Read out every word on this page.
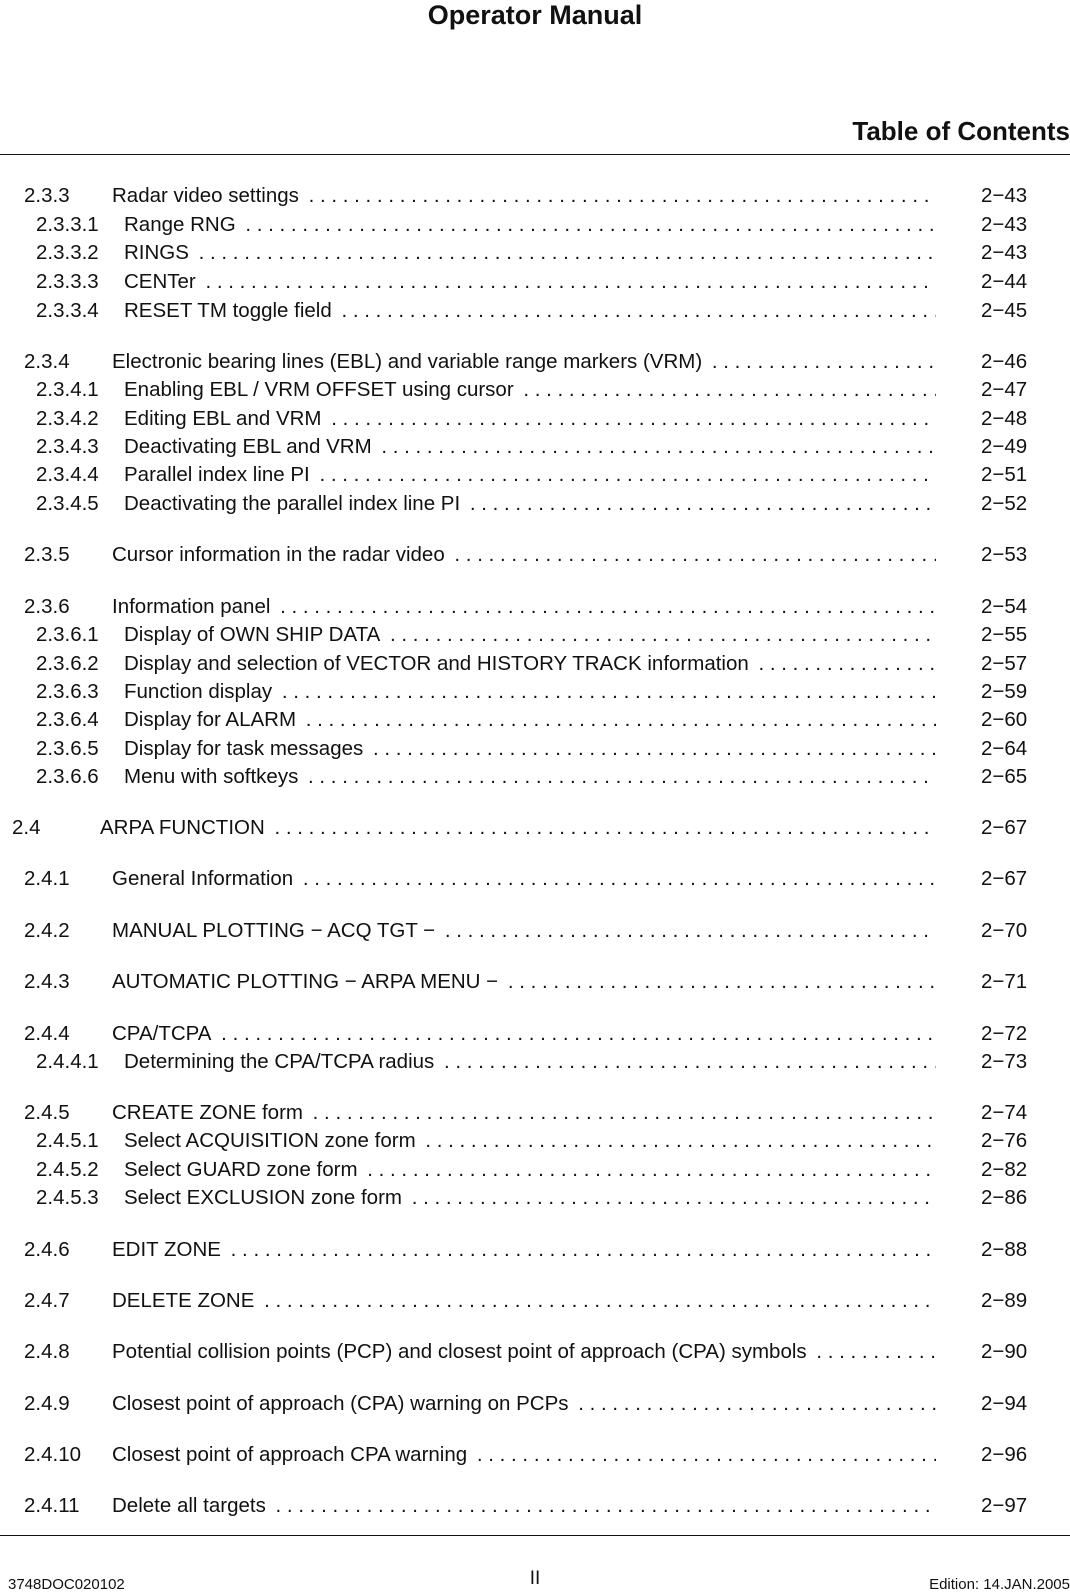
Operator Manual
Table of Contents
2.3.3 Radar video settings . . .	2−43
2.3.3.1 Range RNG . . .	2−43
2.3.3.2 RINGS . . .	2−43
2.3.3.3 CENTer . . .	2−44
2.3.3.4 RESET TM toggle field . . .	2−45
2.3.4 Electronic bearing lines (EBL) and variable range markers (VRM) . . .	2−46
2.3.4.1 Enabling EBL / VRM OFFSET using cursor . . .	2−47
2.3.4.2 Editing EBL and VRM . . .	2−48
2.3.4.3 Deactivating EBL and VRM . . .	2−49
2.3.4.4 Parallel index line PI . . .	2−51
2.3.4.5 Deactivating the parallel index line PI . . .	2−52
2.3.5 Cursor information in the radar video . . .	2−53
2.3.6 Information panel . . .	2−54
2.3.6.1 Display of OWN SHIP DATA . . .	2−55
2.3.6.2 Display and selection of VECTOR and HISTORY TRACK information . . .	2−57
2.3.6.3 Function display . . .	2−59
2.3.6.4 Display for ALARM . . .	2−60
2.3.6.5 Display for task messages . . .	2−64
2.3.6.6 Menu with softkeys . . .	2−65
2.4	ARPA FUNCTION . . .	2−67
2.4.1 General Information . . .	2−67
2.4.2 MANUAL PLOTTING − ACQ TGT − . . .	2−70
2.4.3 AUTOMATIC PLOTTING − ARPA MENU − . . .	2−71
2.4.4 CPA/TCPA . . .	2−72
2.4.4.1 Determining the CPA/TCPA radius . . .	2−73
2.4.5 CREATE ZONE form . . .	2−74
2.4.5.1 Select ACQUISITION zone form . . .	2−76
2.4.5.2 Select GUARD zone form . . .	2−82
2.4.5.3 Select EXCLUSION zone form . . .	2−86
2.4.6 EDIT ZONE . . .	2−88
2.4.7 DELETE ZONE . . .	2−89
2.4.8 Potential collision points (PCP) and closest point of approach (CPA) symbols . . .	2−90
2.4.9 Closest point of approach (CPA) warning on PCPs . . .	2−94
2.4.10 Closest point of approach CPA warning . . .	2−96
2.4.11 Delete all targets . . .	2−97
3748DOC020102	II	Edition: 14.JAN.2005
